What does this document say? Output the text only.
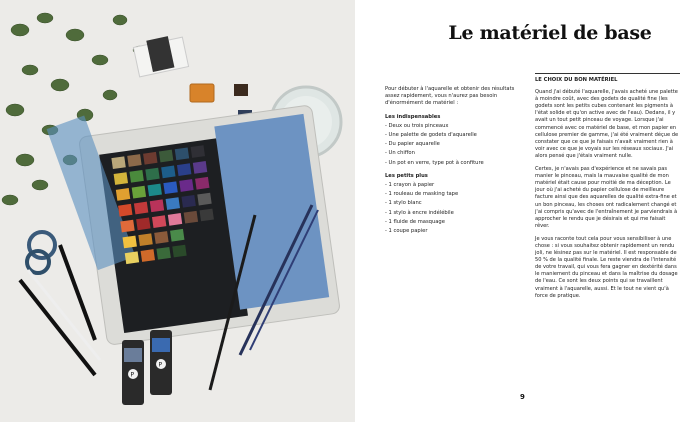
P
P
Le matériel de base

Pour débuter à l'aquarelle et obtenir des résultats assez rapidement, vous n'aurez pas besoin d'énormément de matériel :

Les indispensables
- Deux ou trois pinceaux
- Une palette de godets d'aquarelle
- Du papier aquarelle
- Un chiffon
- Un pot en verre, type pot à confiture
Les petits plus
- 1 crayon à papier
- 1 rouleau de masking tape
- 1 stylo blanc
- 1 stylo à encre indélébile
- 1 fluide de masquage
- 1 coupe papier
LE CHOIX DU BON MATÉRIEL

Quand j'ai débuté l'aquarelle, j'avais acheté une palette à moindre coût, avec des godets de qualité fine (les godets sont les petits cubes contenant les pigments à l'état solide et qu'on active avec de l'eau). Dedans, il y avait un tout petit pinceau de voyage. Lorsque j'ai commencé avec ce matériel de base, et mon papier en cellulose premier de gamme, j'ai été vraiment déçue de constater que ce que je faisais n'avait vraiment rien à voir avec ce que je voyais sur les réseaux sociaux. J'ai alors pensé que j'étais vraiment nulle.

Certes, je n'avais pas d'expérience et ne savais pas manier le pinceau, mais la mauvaise qualité de mon matériel était cause pour moitié de ma déception. Le jour où j'ai acheté du papier cellulose de meilleure facture ainsi que des aquarelles de qualité extra-fine et un bon pinceau, les choses ont radicalement changé et j'ai compris qu'avec de l'entraînement je parviendrais à approcher le rendu que je désirais et qui me faisait rêver.

Je vous raconte tout cela pour vous sensibiliser à une chose : si vous souhaitez obtenir rapidement un rendu joli, ne lésinez pas sur le matériel. Il est responsable de 50 % de la qualité finale. Le reste viendra de l'intensité de votre travail, qui vous fera gagner en dextérité dans le maniement du pinceau et dans la maîtrise du dosage de l'eau. Ce sont les deux points qui se travaillent vraiment à l'aquarelle, aussi. Et le tout ne vient qu'à force de pratique.

9
